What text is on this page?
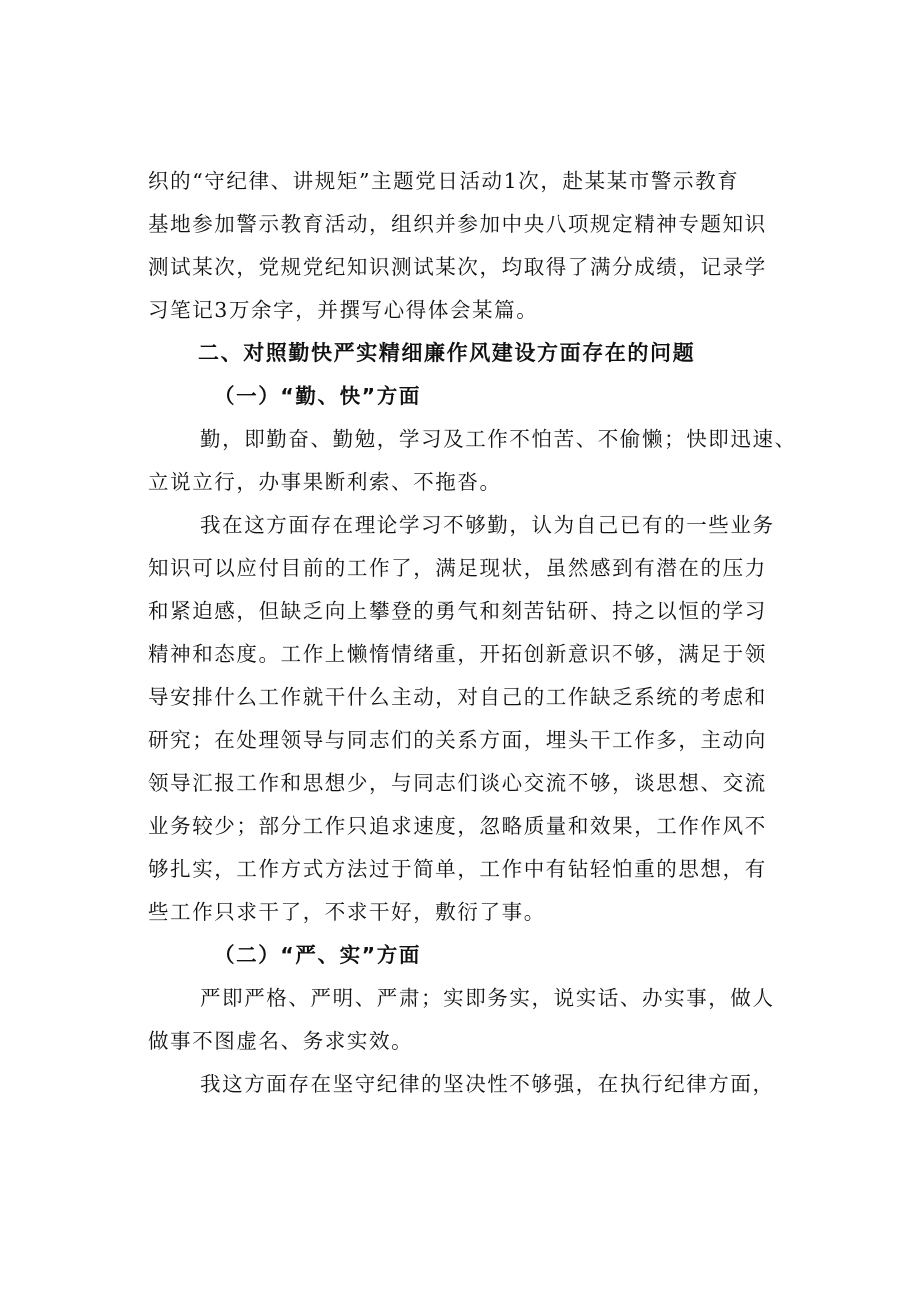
织的“守纪律、讲规矩”主题党日活动1次，赴某某市警示教育
基地参加警示教育活动，组织并参加中央八项规定精神专题知识
测试某次，党规党纪知识测试某次，均取得了满分成绩，记录学
习笔记3万余字，并撰写心得体会某篇。
二、对照勤快严实精细廉作风建设方面存在的问题
（一）“勤、快”方面
勤，即勤奋、勤勉，学习及工作不怕苦、不偷懒；快即迅速、
立说立行，办事果断利索、不拖沓。
我在这方面存在理论学习不够勤，认为自己已有的一些业务
知识可以应付目前的工作了，满足现状，虽然感到有潜在的压力
和紧迫感，但缺乏向上攀登的勇气和刻苦钻研、持之以恒的学习
精神和态度。工作上懒惰情绪重，开拓创新意识不够，满足于领
导安排什么工作就干什么主动，对自己的工作缺乏系统的考虑和
研究；在处理领导与同志们的关系方面，埋头干工作多，主动向
领导汇报工作和思想少，与同志们谈心交流不够，谈思想、交流
业务较少；部分工作只追求速度，忽略质量和效果，工作作风不
够扎实，工作方式方法过于简单，工作中有钻轻怕重的思想，有
些工作只求干了，不求干好，敷衍了事。
（二）“严、实”方面
严即严格、严明、严肃；实即务实，说实话、办实事，做人
做事不图虚名、务求实效。
我这方面存在坚守纪律的坚决性不够强，在执行纪律方面，
